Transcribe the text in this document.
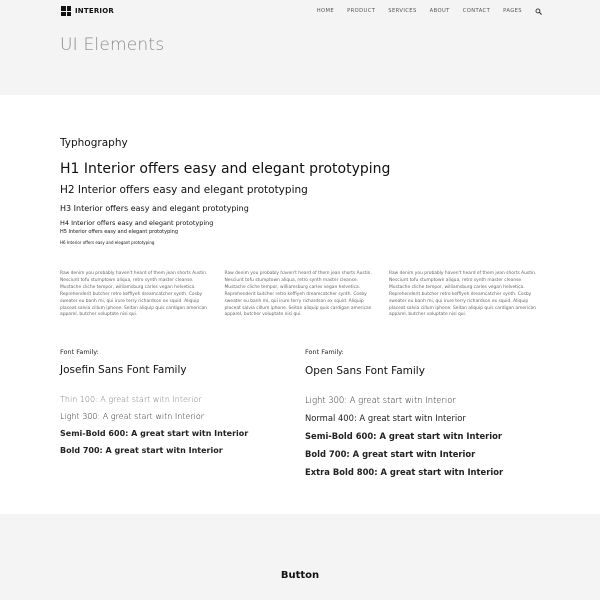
INTERIOR	HOME	PRODUCT	SERVICES	ABOUT	CONTACT	PAGES
UI Elements
Typhography
H1 Interior offers easy and elegant prototyping
H2 Interior offers easy and elegant prototyping
H3 Interior offers easy and elegant prototyping
H4 Interior offers easy and elegant prototyping
H5 Interior offers easy and elegant prototyping
H6 Interior offers easy and elegant prototyping

Raw denim you probably haven't heard of them jean shorts Austin. Nesciunt tofu stumptown aliqua, retro synth master cleanse. Mustache cliche tempor, williamsburg carles vegan helvetica. Reprehenderit butcher retro keffiyeh dreamcatcher synth. Cosby sweater eu banh mi, qui irure terry richardson ex squid. Aliquip placeat salvia cillum iphone. Seitan aliquip quis cardigan american apparel, butcher voluptate nisi qui.

Raw denim you probably haven't heard of them jean shorts Austin. Nesciunt tofu stumptown aliqua, retro synth master cleanse. Mustache cliche tempor, williamsburg carles vegan helvetica. Reprehenderit butcher retro keffiyeh dreamcatcher synth. Cosby sweater eu banh mi, qui irure terry richardson ex squid. Aliquip placeat salvia cillum iphone. Seitan aliquip quis cardigan american apparel, butcher voluptate nisi qui.

Raw denim you probably haven't heard of them jean shorts Austin. Nesciunt tofu stumptown aliqua, retro synth master cleanse. Mustache cliche tempor, williamsburg carles vegan helvetica. Reprehenderit butcher retro keffiyeh dreamcatcher synth. Cosby sweater eu banh mi, qui irure terry richardson ex squid. Aliquip placeat salvia cillum iphone. Seitan aliquip quis cardigan american apparel, butcher voluptate nisi qui.

Font Family:

Josefin Sans Font Family

Thin 100: A great start witn Interior

Light 300: A great start witn Interior

Semi-Bold 600: A great start witn Interior

Bold 700: A great start witn Interior

Font Family:

Open Sans Font Family

Light 300: A great start witn Interior

Normal 400: A great start witn Interior

Semi-Bold 600: A great start witn Interior

Bold 700: A great start witn Interior

Extra Bold 800: A great start witn Interior

Button
